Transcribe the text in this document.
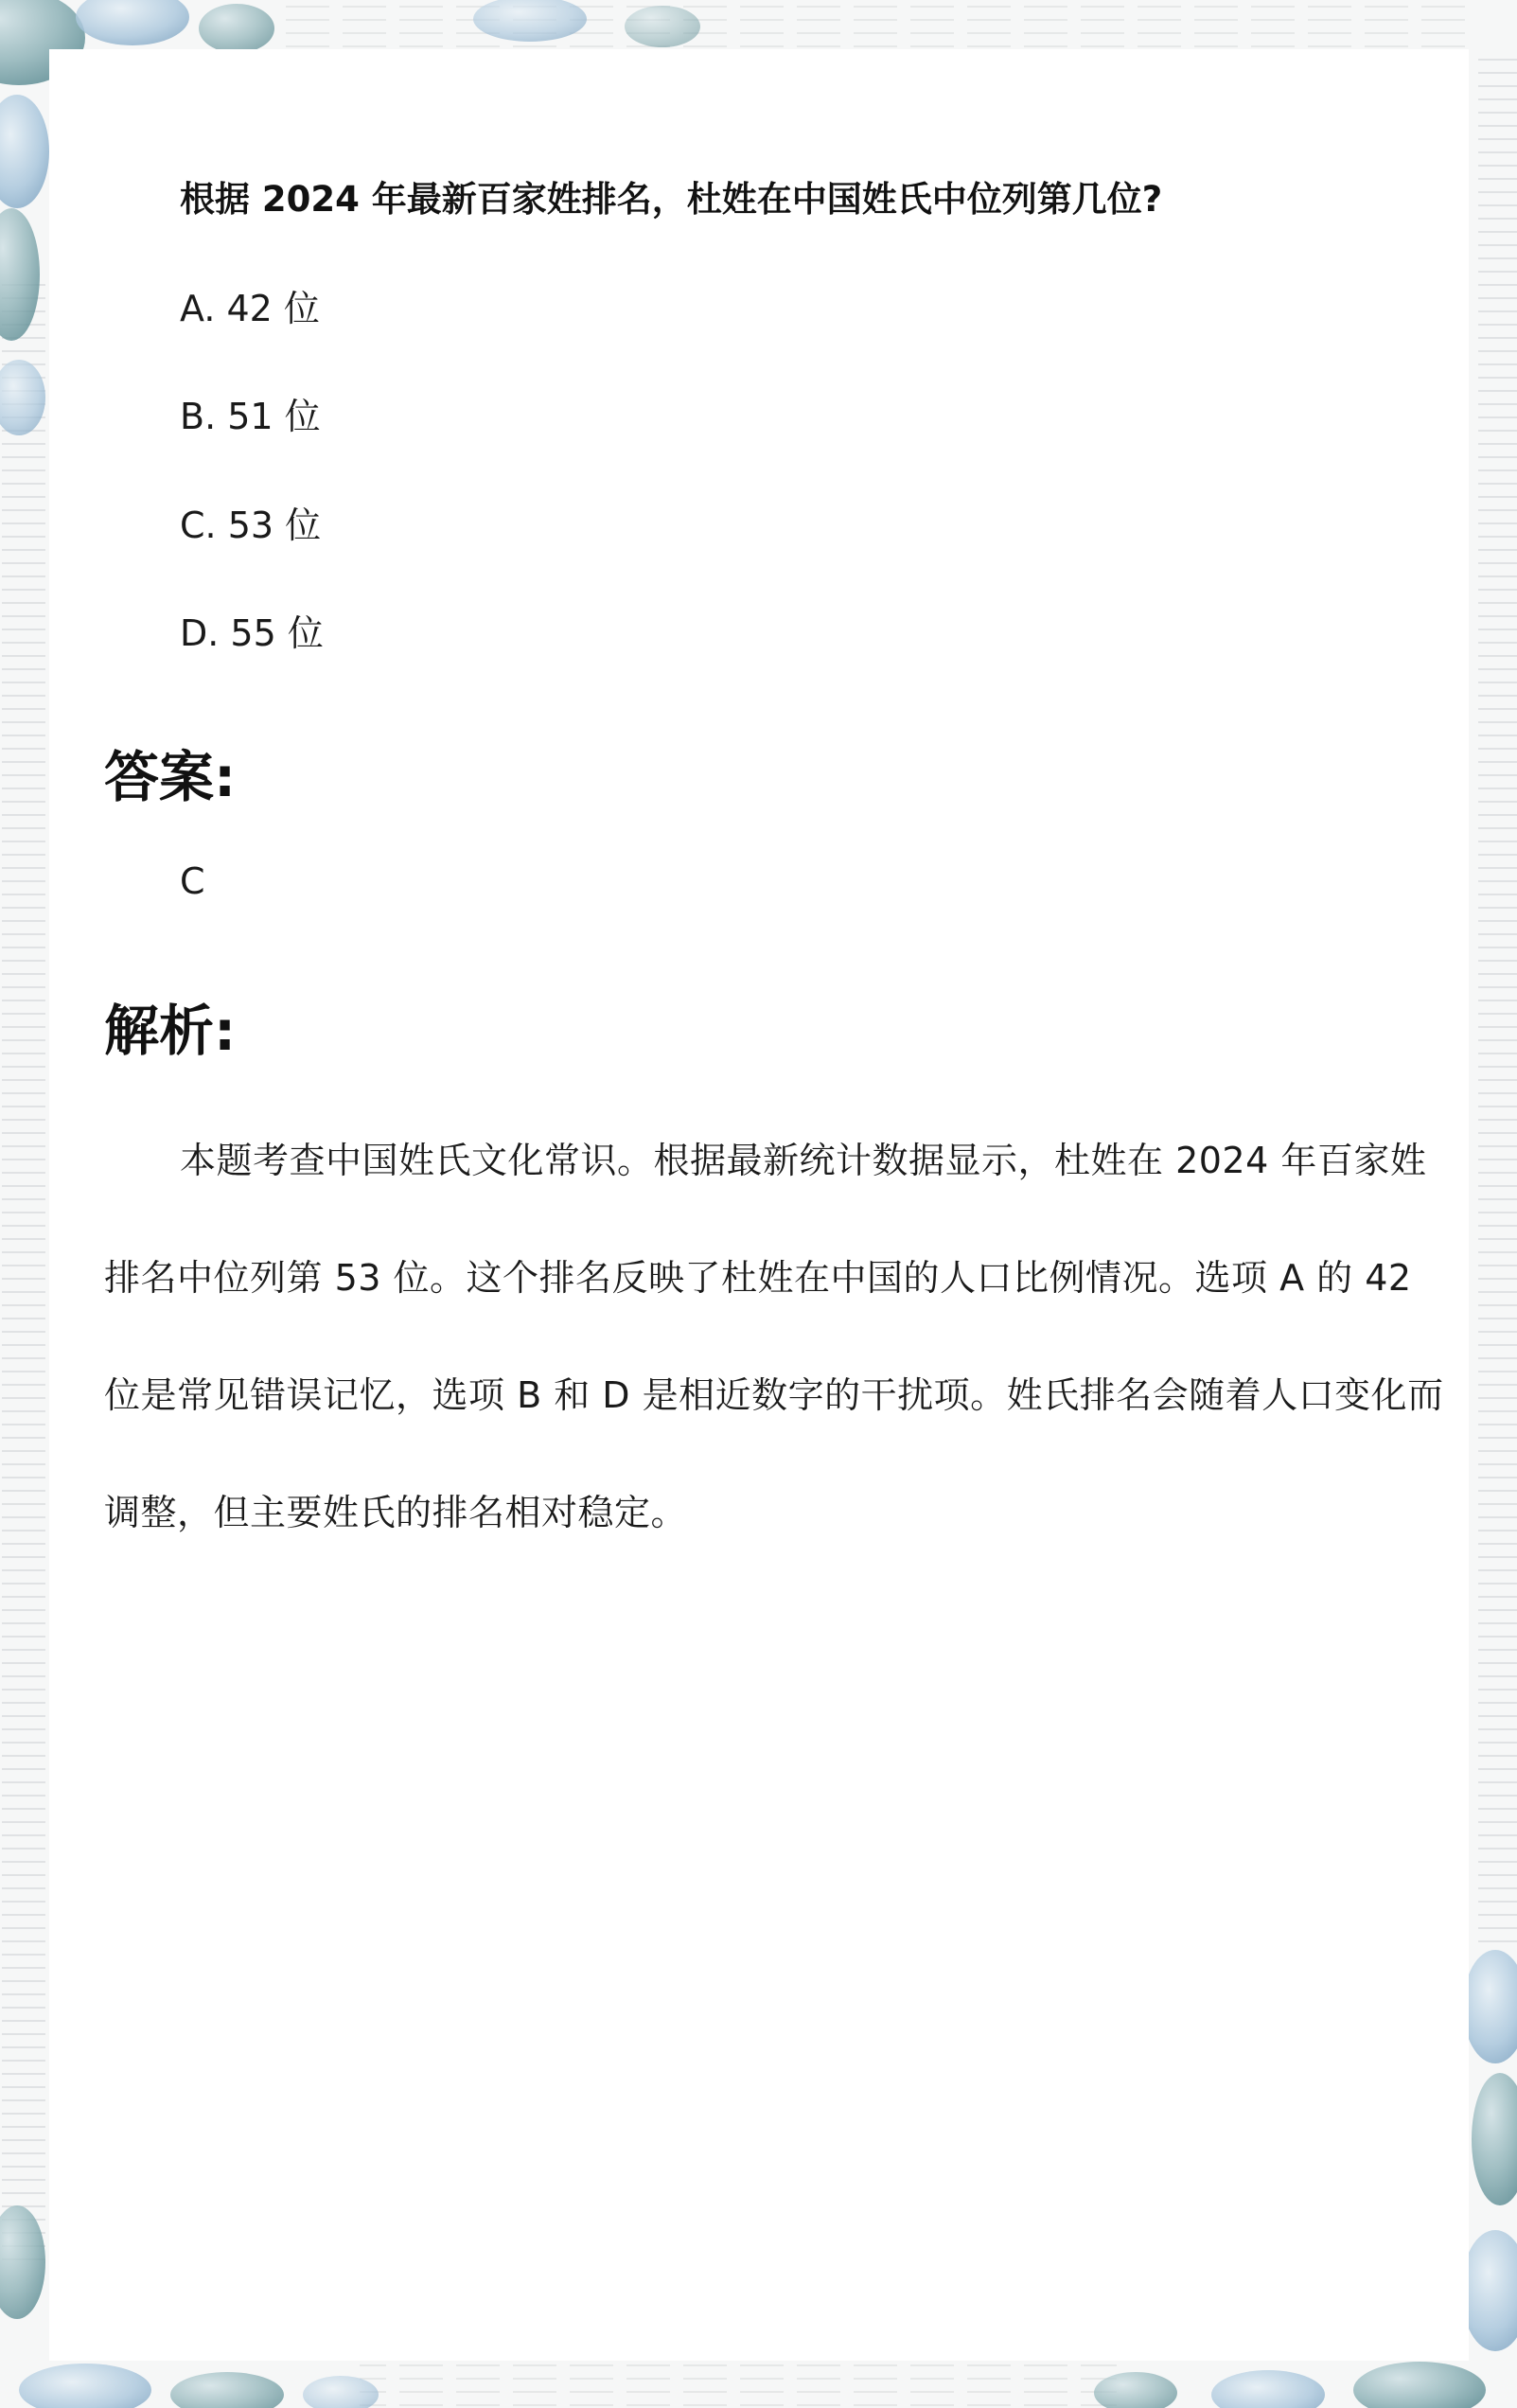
根据 2024 年最新百家姓排名，杜姓在中国姓氏中位列第几位?

A. 42 位

B. 51 位

C. 53 位

D. 55 位

答案:

C

解析:

本题考查中国姓氏文化常识。根据最新统计数据显示，杜姓在 2024 年百家姓排名中位列第 53 位。这个排名反映了杜姓在中国的人口比例情况。选项 A 的 42 位是常见错误记忆，选项 B 和 D 是相近数字的干扰项。姓氏排名会随着人口变化而调整，但主要姓氏的排名相对稳定。
